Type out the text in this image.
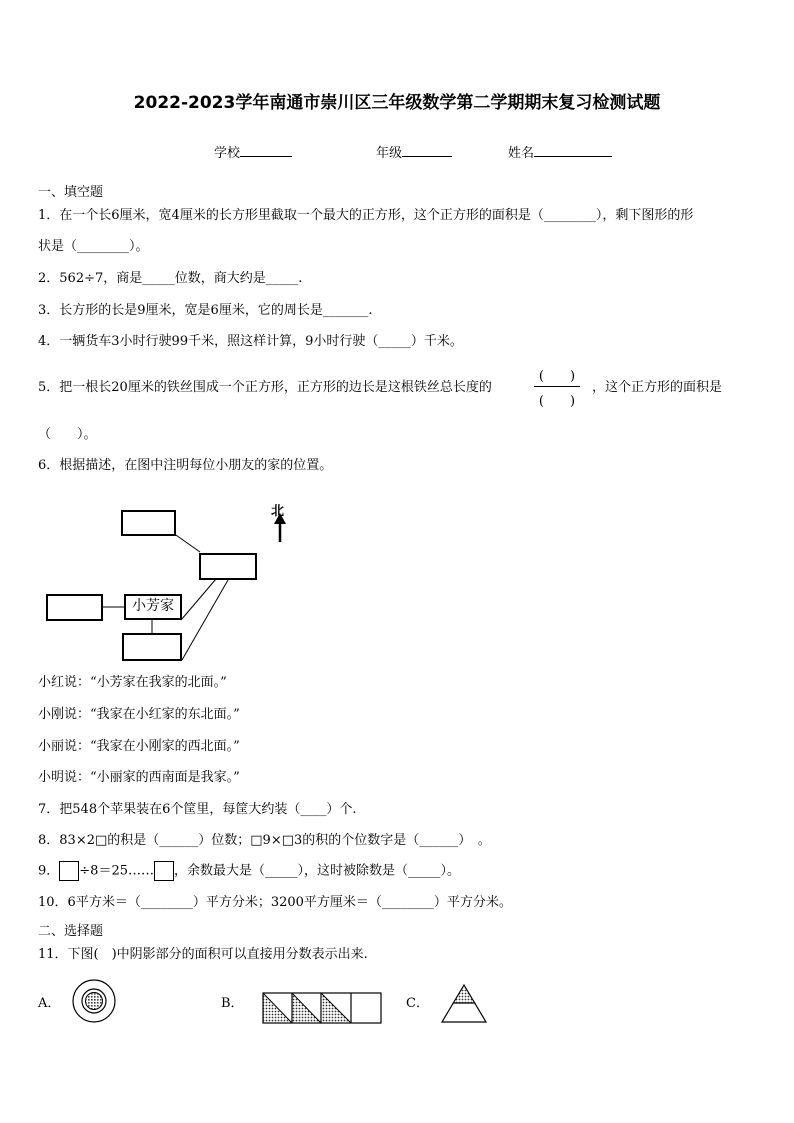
2022-2023学年南通市崇川区三年级数学第二学期期末复习检测试题
学校	年级	姓名
一、填空题
1．在一个长6厘米，宽4厘米的长方形里截取一个最大的正方形，这个正方形的面积是（________），剩下图形的形
状是（________）。
2．562÷7，商是_____位数，商大约是_____.
3．长方形的长是9厘米，宽是6厘米，它的周长是_______.
4．一辆货车3小时行驶99千米，照这样计算，9小时行驶（_____）千米。
5．把一根长20厘米的铁丝围成一个正方形，正方形的边长是这根铁丝总长度的
(　　)
(　　)
，这个正方形的面积是
（　　）。
6．根据描述，在图中注明每位小朋友的家的位置。
北
小芳家
小红说：“小芳家在我家的北面。”
小刚说：“我家在小红家的东北面。”
小丽说：“我家在小刚家的西北面。”
小明说：“小丽家的西南面是我家。”
7．把548个苹果装在6个筐里，每筐大约装（____）个.
8．83×2□的积是（______）位数；□9×□3的积的个位数字是（______）　。
9． ÷8＝25…… ，余数最大是（_____），这时被除数是（_____）。
10．6平方米＝（________）平方分米；3200平方厘米＝（________）平方分米。
二、选择题
11．下图(　)中阴影部分的面积可以直接用分数表示出来.
A．	B．	C．
